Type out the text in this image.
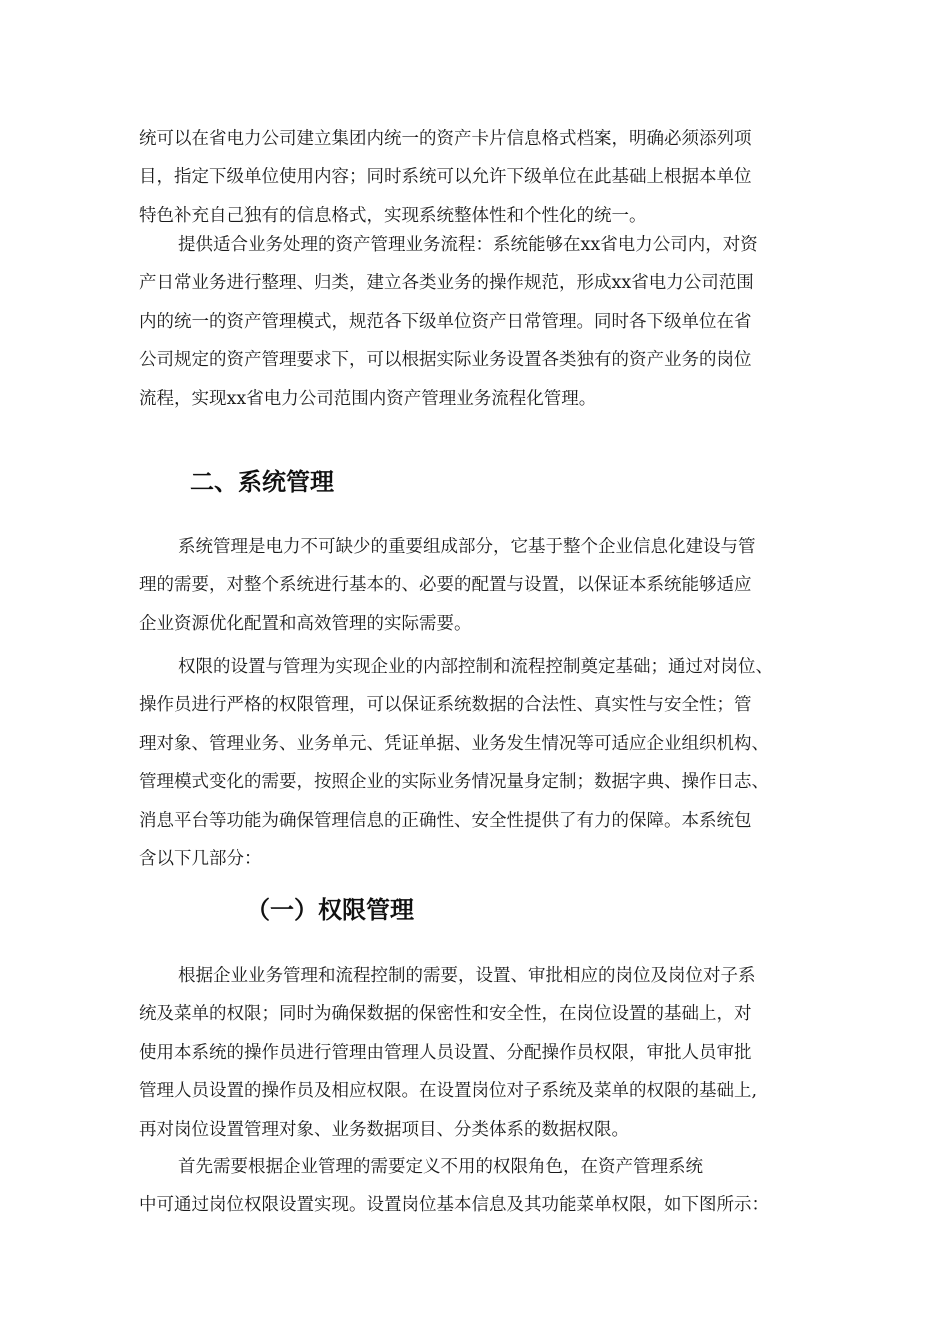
统可以在省电力公司建立集团内统一的资产卡片信息格式档案，明确必须添列项
目，指定下级单位使用内容；同时系统可以允许下级单位在此基础上根据本单位
特色补充自己独有的信息格式，实现系统整体性和个性化的统一。

提供适合业务处理的资产管理业务流程：系统能够在xx省电力公司内，对资
产日常业务进行整理、归类，建立各类业务的操作规范，形成xx省电力公司范围
内的统一的资产管理模式，规范各下级单位资产日常管理。同时各下级单位在省
公司规定的资产管理要求下，可以根据实际业务设置各类独有的资产业务的岗位
流程，实现xx省电力公司范围内资产管理业务流程化管理。

二、系统管理

系统管理是电力不可缺少的重要组成部分，它基于整个企业信息化建设与管
理的需要，对整个系统进行基本的、必要的配置与设置，以保证本系统能够适应
企业资源优化配置和高效管理的实际需要。

权限的设置与管理为实现企业的内部控制和流程控制奠定基础；通过对岗位、
操作员进行严格的权限管理，可以保证系统数据的合法性、真实性与安全性；管
理对象、管理业务、业务单元、凭证单据、业务发生情况等可适应企业组织机构、
管理模式变化的需要，按照企业的实际业务情况量身定制；数据字典、操作日志、
消息平台等功能为确保管理信息的正确性、安全性提供了有力的保障。本系统包
含以下几部分：

（一）权限管理

根据企业业务管理和流程控制的需要，设置、审批相应的岗位及岗位对子系
统及菜单的权限；同时为确保数据的保密性和安全性，在岗位设置的基础上，对
使用本系统的操作员进行管理由管理人员设置、分配操作员权限，审批人员审批
管理人员设置的操作员及相应权限。在设置岗位对子系统及菜单的权限的基础上,
再对岗位设置管理对象、业务数据项目、分类体系的数据权限。

首先需要根据企业管理的需要定义不用的权限角色，在资产管理系统
中可通过岗位权限设置实现。设置岗位基本信息及其功能菜单权限，如下图所示：
